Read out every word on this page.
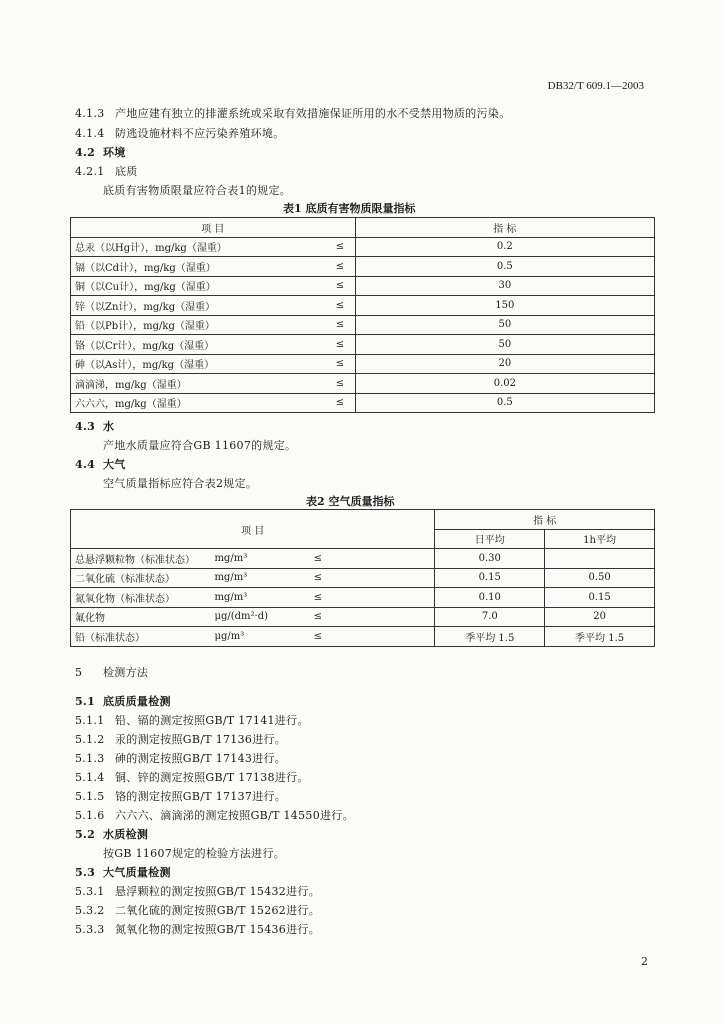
DB32/T 609.1—2003
4.1.3 产地应建有独立的排灌系统或采取有效措施保证所用的水不受禁用物质的污染。
4.1.4 防逃设施材料不应污染养殖环境。
4.2 环境
4.2.1 底质
底质有害物质限量应符合表1的规定。
表1 底质有害物质限量指标
项 目		指 标
总汞（以Hg计），mg/kg（湿重）	≤	0.2
镉（以Cd计），mg/kg（湿重）	≤	0.5
铜（以Cu计），mg/kg（湿重）	≤	30
锌（以Zn计），mg/kg（湿重）	≤	150
铅（以Pb计），mg/kg（湿重）	≤	50
铬（以Cr计），mg/kg（湿重）	≤	50
砷（以As计），mg/kg（湿重）	≤	20
滴滴涕，mg/kg（湿重）	≤	0.02
六六六，mg/kg（湿重）	≤	0.5
4.3 水
产地水质量应符合GB 11607的规定。
4.4 大气
空气质量指标应符合表2规定。
表2 空气质量指标
项 目				指 标	
				日平均	1h平均
总悬浮颗粒物（标准状态）	mg/m³	≤		0.30	
二氧化硫（标准状态）	mg/m³	≤		0.15	0.50
氮氧化物（标准状态）	mg/m³	≤		0.10	0.15
氟化物	μg/(dm²·d)	≤		7.0	20
铅（标准状态）	μg/m³	≤		季平均 1.5	季平均 1.5
5 检测方法
5.1 底质质量检测
5.1.1 铅、镉的测定按照GB/T 17141进行。
5.1.2 汞的测定按照GB/T 17136进行。
5.1.3 砷的测定按照GB/T 17143进行。
5.1.4 铜、锌的测定按照GB/T 17138进行。
5.1.5 铬的测定按照GB/T 17137进行。
5.1.6 六六六、滴滴涕的测定按照GB/T 14550进行。
5.2 水质检测
按GB 11607规定的检验方法进行。
5.3 大气质量检测
5.3.1 悬浮颗粒的测定按照GB/T 15432进行。
5.3.2 二氧化硫的测定按照GB/T 15262进行。
5.3.3 氮氧化物的测定按照GB/T 15436进行。
2
